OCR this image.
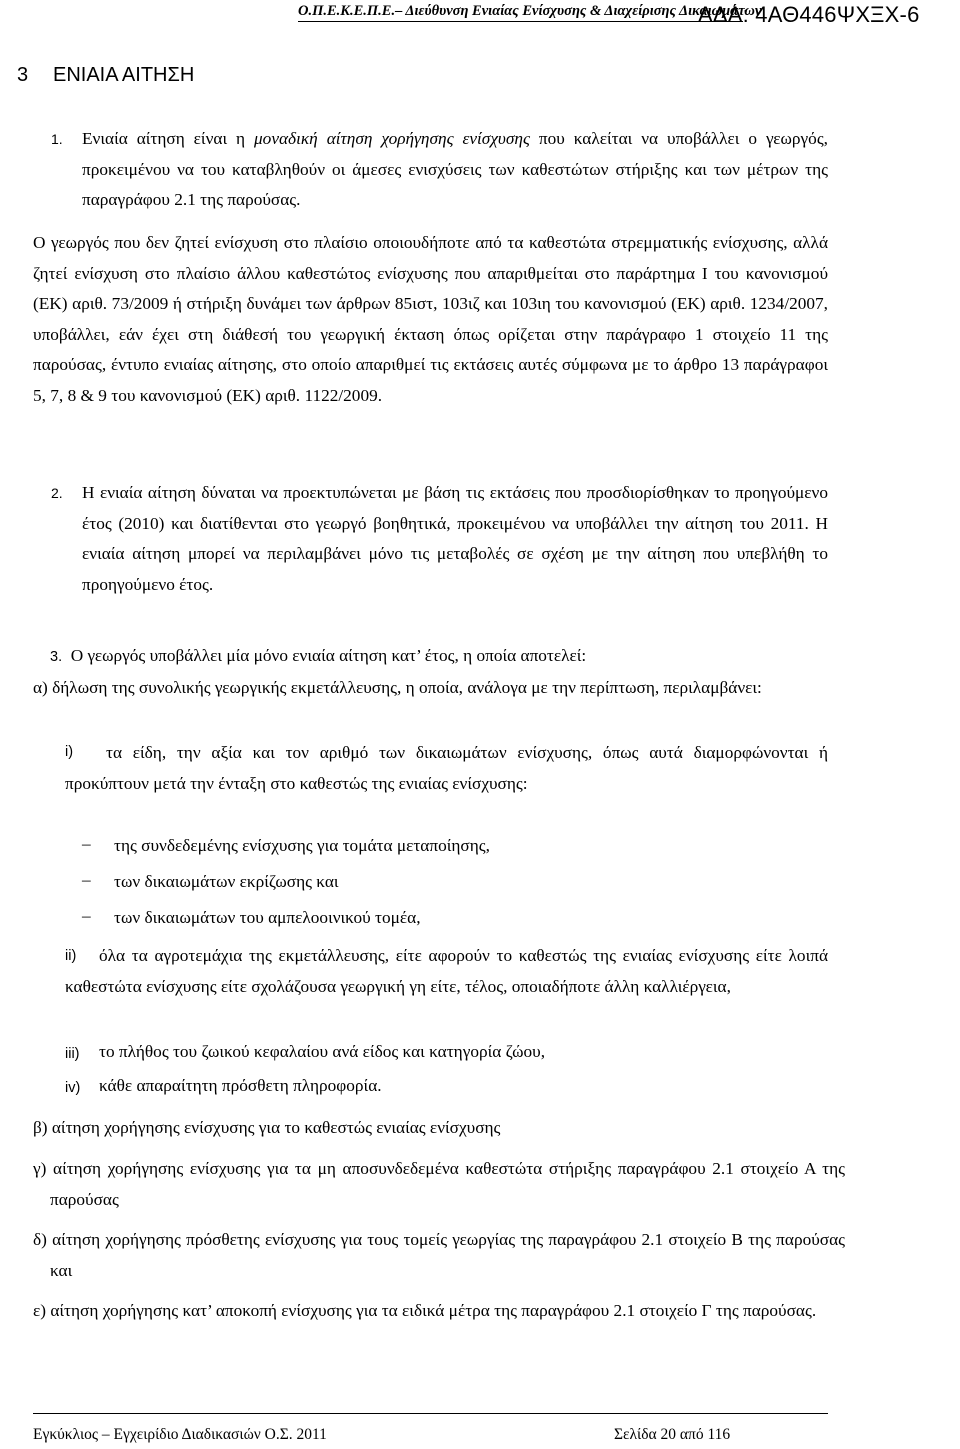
Ο.Π.Ε.Κ.Ε.Π.Ε.– Διεύθυνση Ενιαίας Ενίσχυσης & Διαχείρισης Δικαιωμάτων
ΑΔΑ: 4ΑΘ446ΨΧΞΧ-6
3 ΕΝΙΑΙΑ ΑΙΤΗΣΗ
1. Ενιαία αίτηση είναι η μοναδική αίτηση χορήγησης ενίσχυσης που καλείται να υποβάλλει ο γεωργός, προκειμένου να του καταβληθούν οι άμεσες ενισχύσεις των καθεστώτων στήριξης και των μέτρων της παραγράφου 2.1 της παρούσας.
Ο γεωργός που δεν ζητεί ενίσχυση στο πλαίσιο οποιουδήποτε από τα καθεστώτα στρεμματικής ενίσχυσης, αλλά ζητεί ενίσχυση στο πλαίσιο άλλου καθεστώτος ενίσχυσης που απαριθμείται στο παράρτημα Ι του κανονισμού (ΕΚ) αριθ. 73/2009 ή στήριξη δυνάμει των άρθρων 85ιστ, 103ιζ και 103ιη του κανονισμού (ΕΚ) αριθ. 1234/2007, υποβάλλει, εάν έχει στη διάθεσή του γεωργική έκταση όπως ορίζεται στην παράγραφο 1 στοιχείο 11 της παρούσας, έντυπο ενιαίας αίτησης, στο οποίο απαριθμεί τις εκτάσεις αυτές σύμφωνα με το άρθρο 13 παράγραφοι 5, 7, 8 & 9 του κανονισμού (ΕΚ) αριθ. 1122/2009.
2. Η ενιαία αίτηση δύναται να προεκτυπώνεται με βάση τις εκτάσεις που προσδιορίσθηκαν το προηγούμενο έτος (2010) και διατίθενται στο γεωργό βοηθητικά, προκειμένου να υποβάλλει την αίτηση του 2011. Η ενιαία αίτηση μπορεί να περιλαμβάνει μόνο τις μεταβολές σε σχέση με την αίτηση που υπεβλήθη το προηγούμενο έτος.
3. Ο γεωργός υποβάλλει μία μόνο ενιαία αίτηση κατ’ έτος, η οποία αποτελεί:
α) δήλωση της συνολικής γεωργικής εκμετάλλευσης, η οποία, ανάλογα με την περίπτωση, περιλαμβάνει:
i)	τα είδη, την αξία και τον αριθμό των δικαιωμάτων ενίσχυσης, όπως αυτά διαμορφώνονται ή προκύπτουν μετά την ένταξη στο καθεστώς της ενιαίας ενίσχυσης:
– της συνδεδεμένης ενίσχυσης για τομάτα μεταποίησης,
– των δικαιωμάτων εκρίζωσης και
– των δικαιωμάτων του αμπελοοινικού τομέα,
ii)	όλα τα αγροτεμάχια της εκμετάλλευσης, είτε αφορούν το καθεστώς της ενιαίας ενίσχυσης είτε λοιπά καθεστώτα ενίσχυσης είτε σχολάζουσα γεωργική γη είτε, τέλος, οποιαδήποτε άλλη καλλιέργεια,
iii) το πλήθος του ζωικού κεφαλαίου ανά είδος και κατηγορία ζώου,
iv) κάθε απαραίτητη πρόσθετη πληροφορία.
β) αίτηση χορήγησης ενίσχυσης για το καθεστώς ενιαίας ενίσχυσης
γ) αίτηση χορήγησης ενίσχυσης για τα μη αποσυνδεδεμένα καθεστώτα στήριξης παραγράφου 2.1 στοιχείο Α της παρούσας
δ) αίτηση χορήγησης πρόσθετης ενίσχυσης για τους τομείς γεωργίας της παραγράφου 2.1 στοιχείο Β της παρούσας και
ε) αίτηση χορήγησης κατ’ αποκοπή ενίσχυσης για τα ειδικά μέτρα της παραγράφου 2.1 στοιχείο Γ της παρούσας.
Εγκύκλιος – Εγχειρίδιο Διαδικασιών Ο.Σ. 2011	Σελίδα 20 από 116
